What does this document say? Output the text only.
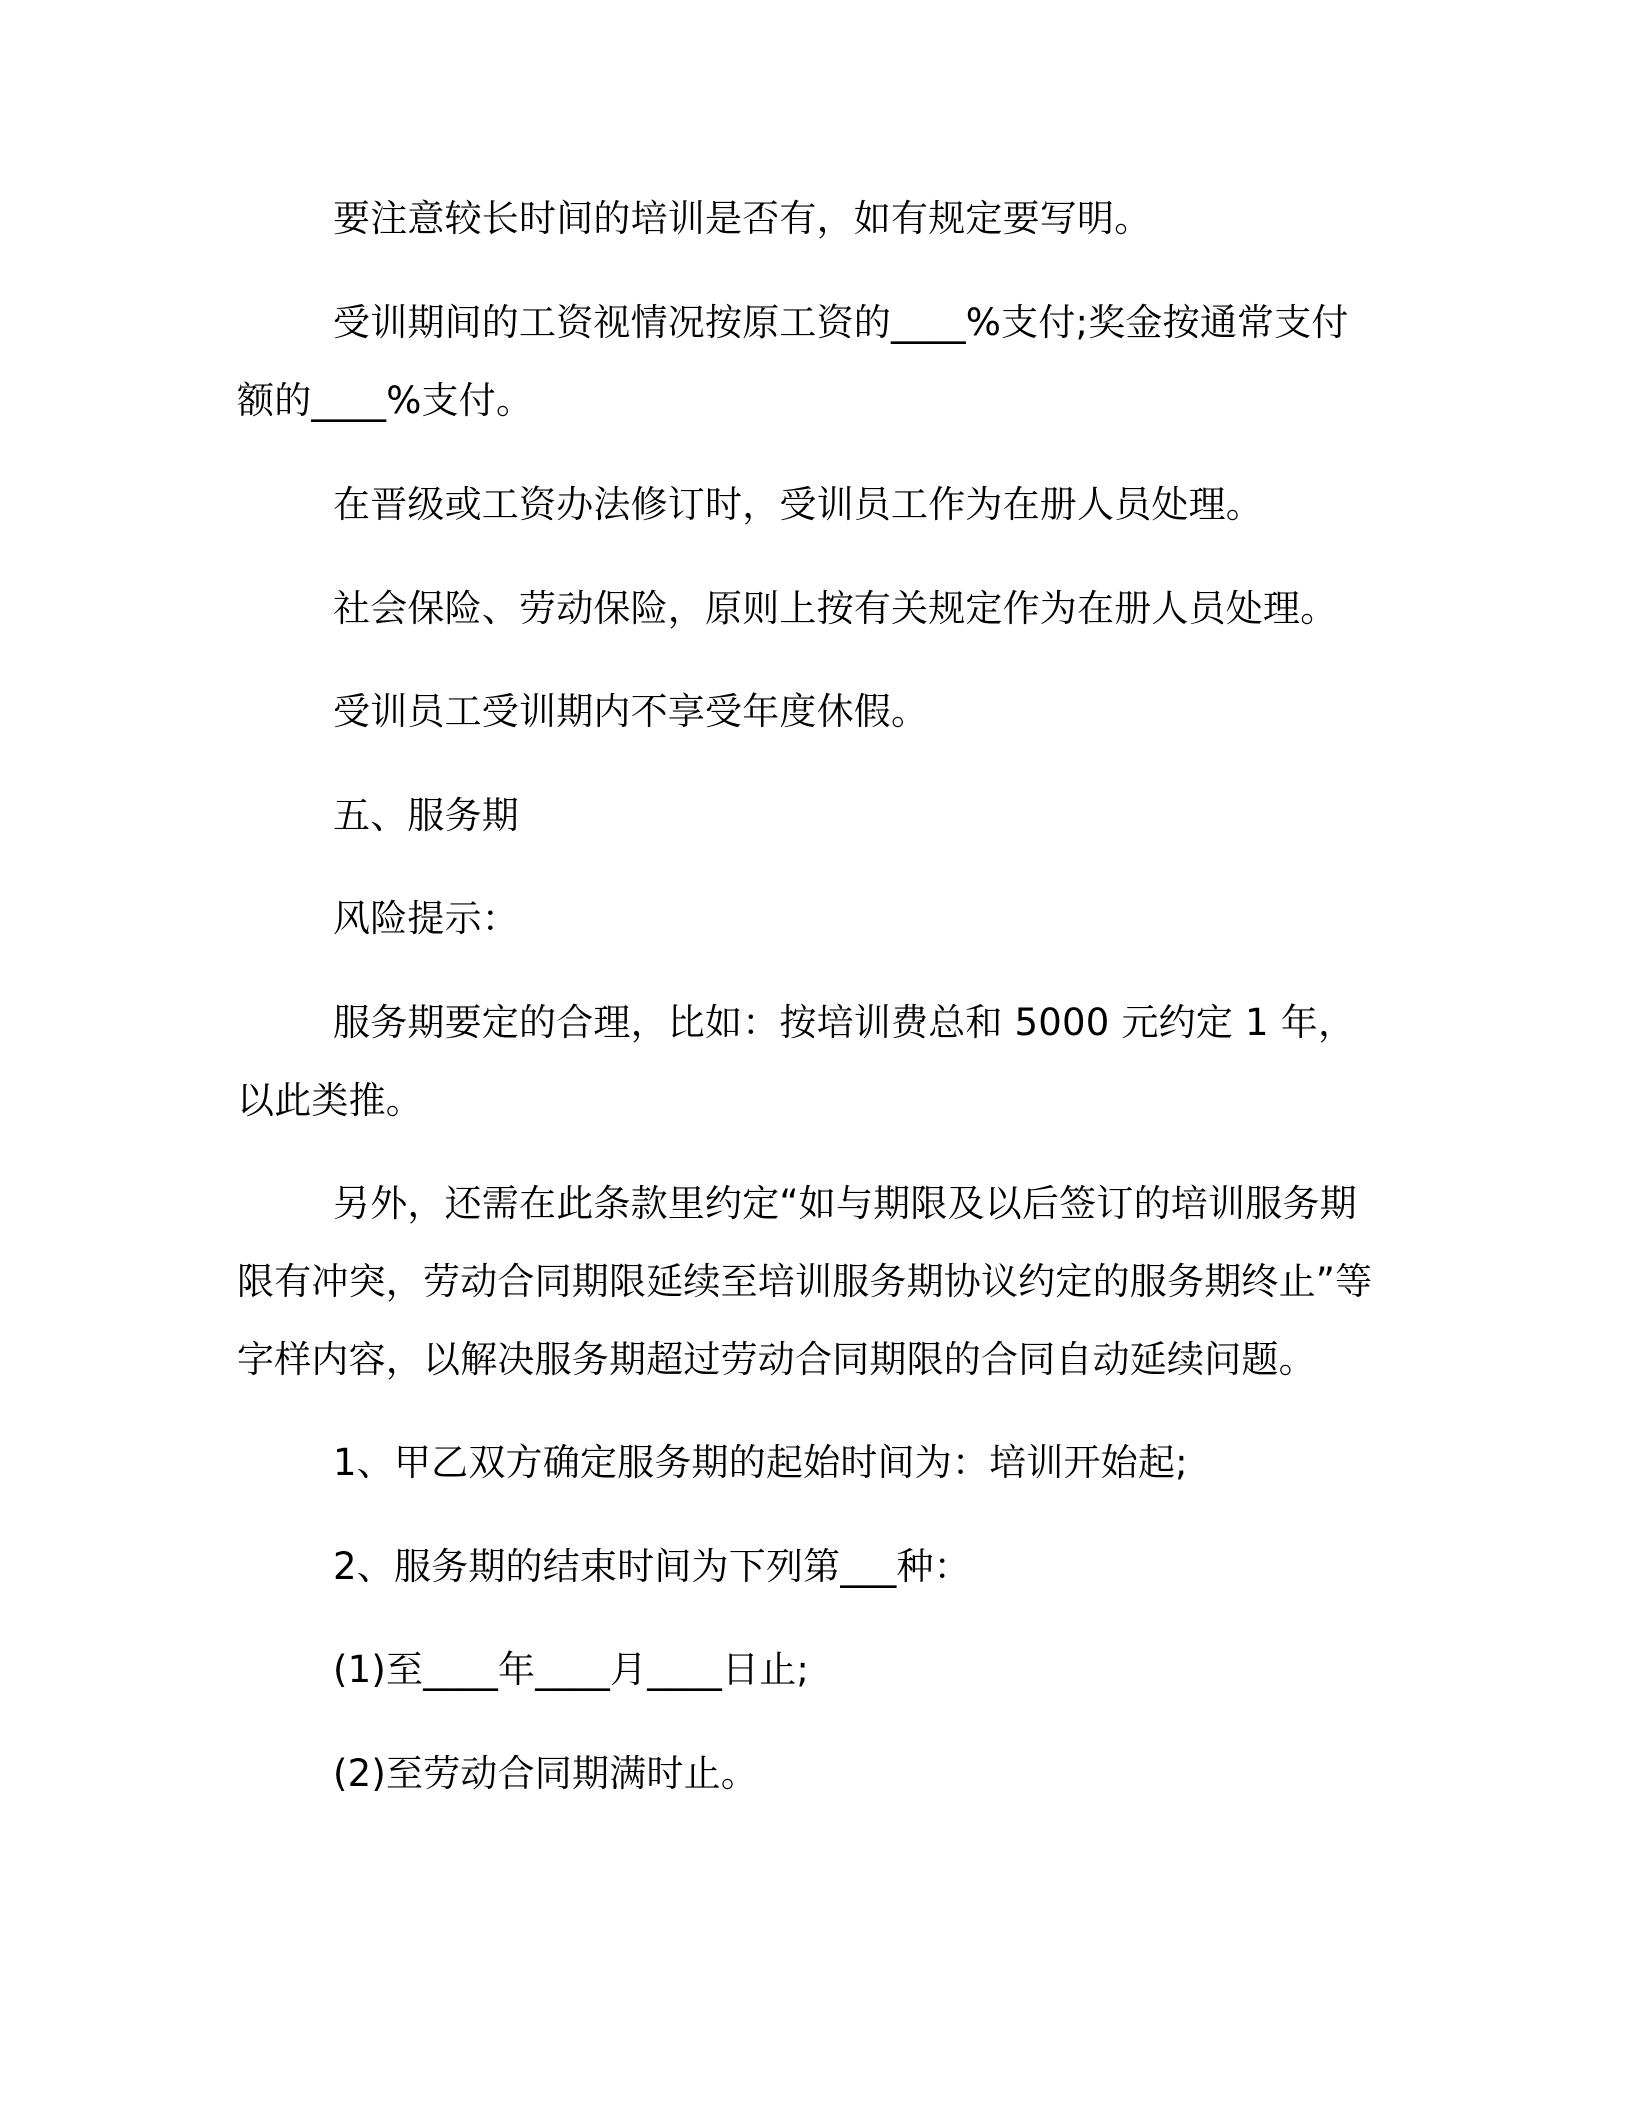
要注意较长时间的培训是否有，如有规定要写明。

受训期间的工资视情况按原工资的____%支付;奖金按通常支付额的____%支付。

在晋级或工资办法修订时，受训员工作为在册人员处理。

社会保险、劳动保险，原则上按有关规定作为在册人员处理。

受训员工受训期内不享受年度休假。

五、服务期

风险提示：

服务期要定的合理，比如：按培训费总和 5000 元约定 1 年，以此类推。

另外，还需在此条款里约定“如与期限及以后签订的培训服务期限有冲突，劳动合同期限延续至培训服务期协议约定的服务期终止”等字样内容，以解决服务期超过劳动合同期限的合同自动延续问题。

1、甲乙双方确定服务期的起始时间为：培训开始起;

2、服务期的结束时间为下列第___种：

(1)至____年____月____日止;

(2)至劳动合同期满时止。
